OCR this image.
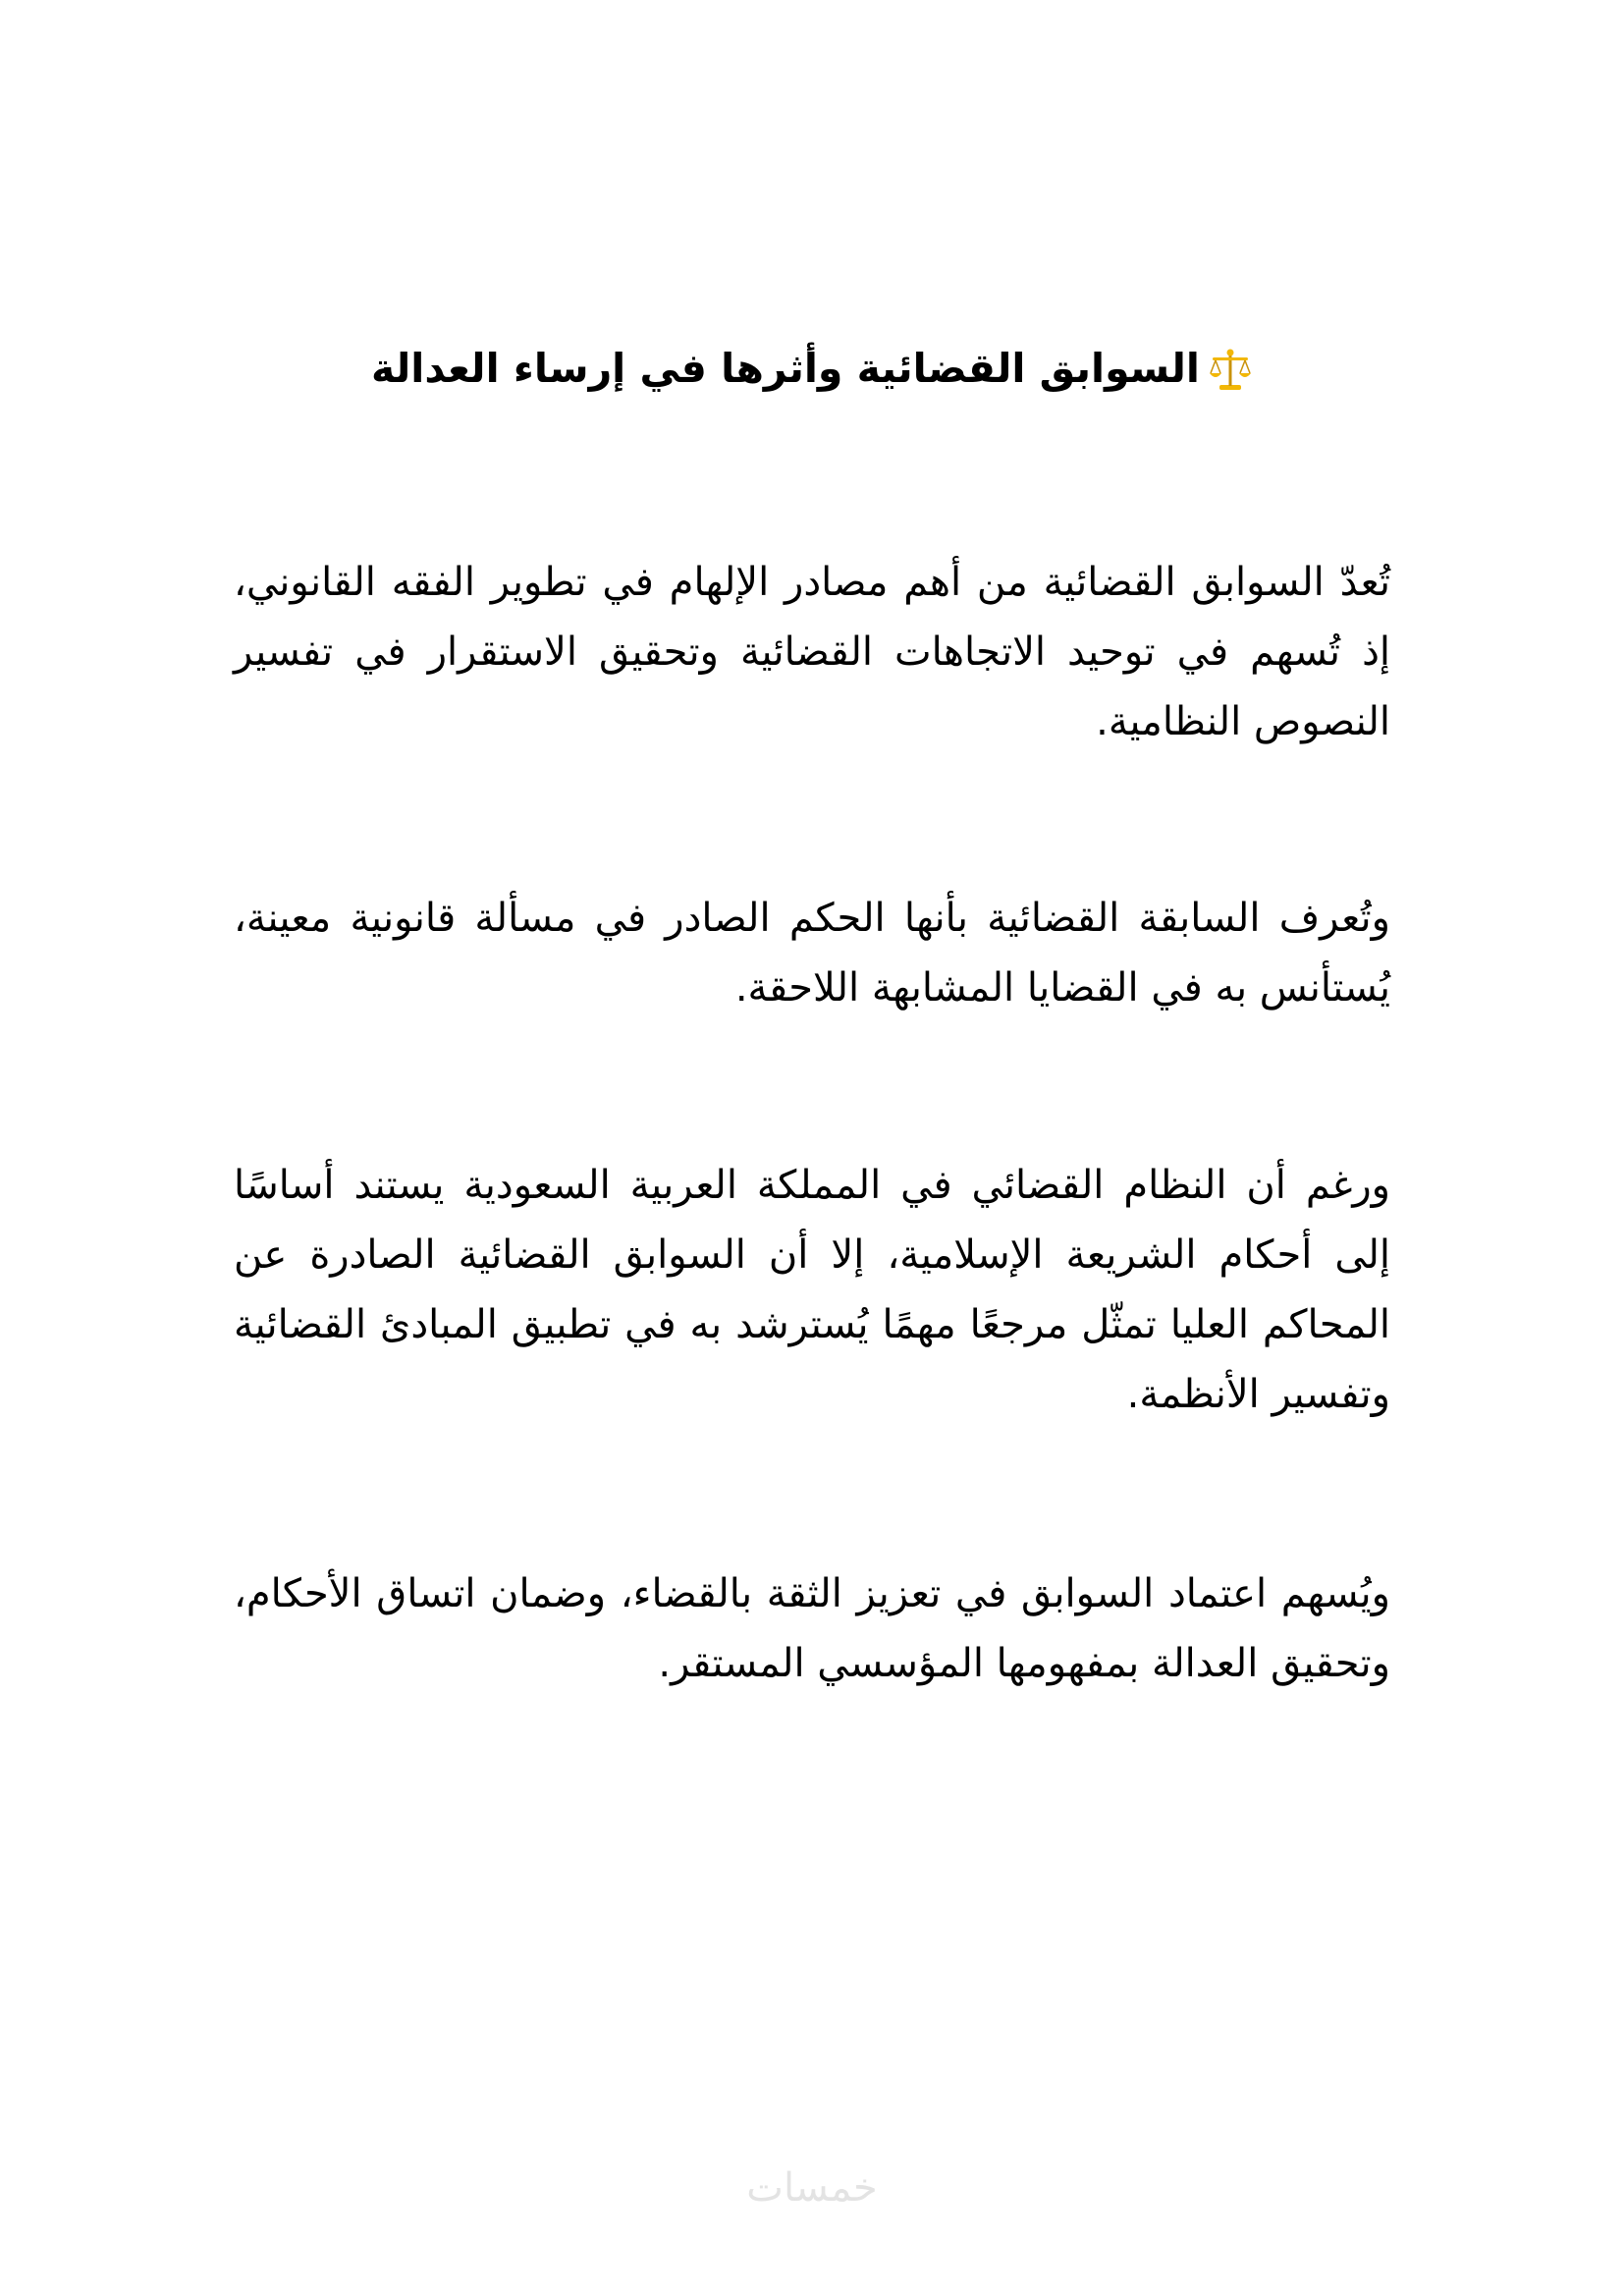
السوابق القضائية وأثرها في إرساء العدالة

تُعدّ السوابق القضائية من أهم مصادر الإلهام في تطوير الفقه القانوني، إذ تُسهم في توحيد الاتجاهات القضائية وتحقيق الاستقرار في تفسير النصوص النظامية.

وتُعرف السابقة القضائية بأنها الحكم الصادر في مسألة قانونية معينة، يُستأنس به في القضايا المشابهة اللاحقة.

ورغم أن النظام القضائي في المملكة العربية السعودية يستند أساسًا إلى أحكام الشريعة الإسلامية، إلا أن السوابق القضائية الصادرة عن المحاكم العليا تمثّل مرجعًا مهمًا يُسترشد به في تطبيق المبادئ القضائية وتفسير الأنظمة.

ويُسهم اعتماد السوابق في تعزيز الثقة بالقضاء، وضمان اتساق الأحكام، وتحقيق العدالة بمفهومها المؤسسي المستقر.

خمسات
